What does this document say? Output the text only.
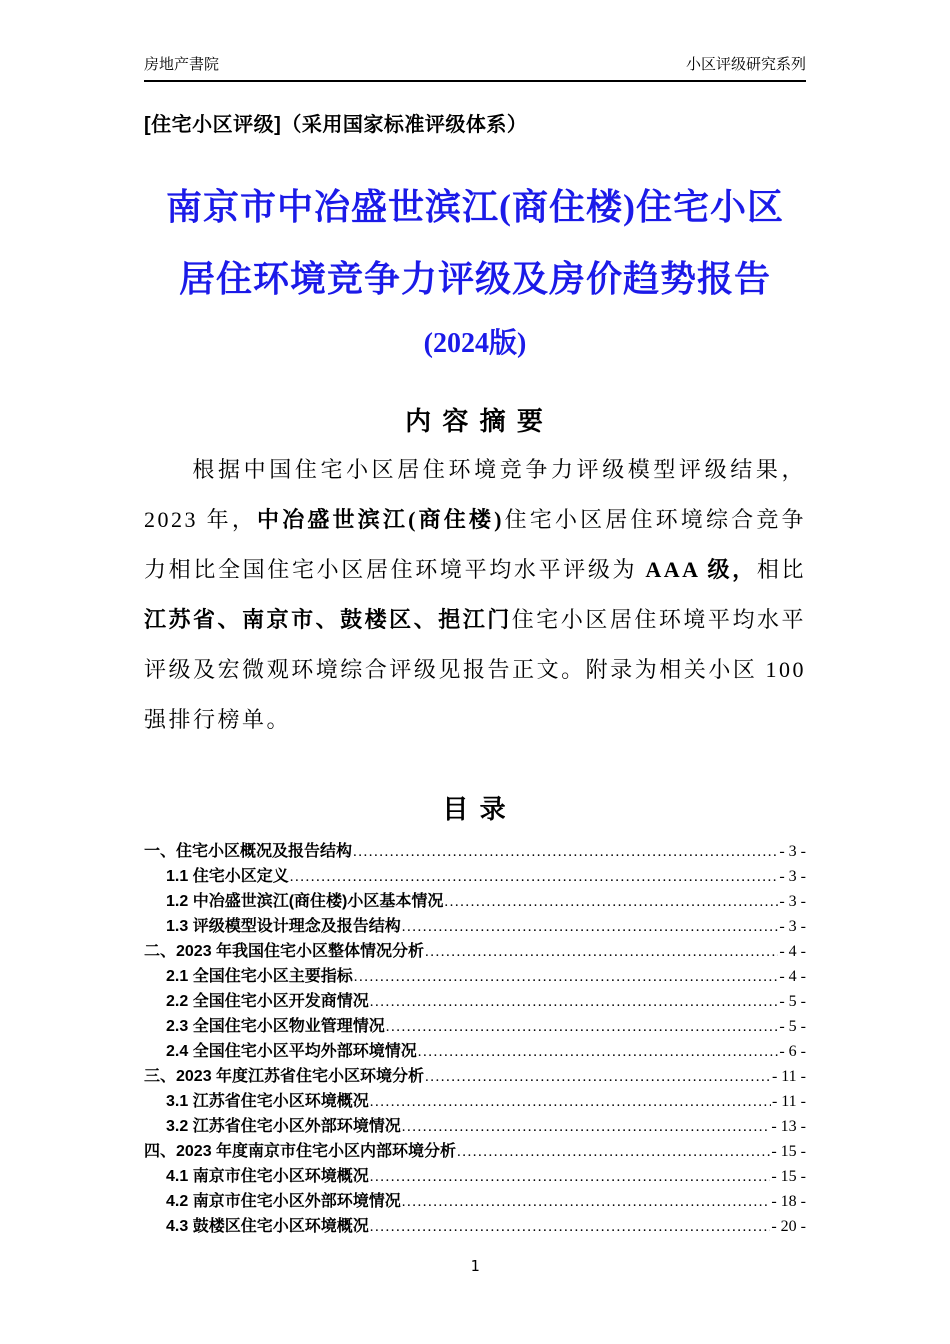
房地产書院	小区评级研究系列
[住宅小区评级]（采用国家标准评级体系）
南京市中冶盛世滨江(商住楼)住宅小区
居住环境竞争力评级及房价趋势报告
(2024版)
内 容 摘 要

根据中国住宅小区居住环境竞争力评级模型评级结果，2023 年，中冶盛世滨江(商住楼)住宅小区居住环境综合竞争力相比全国住宅小区居住环境平均水平评级为 AAA 级，相比江苏省、南京市、鼓楼区、挹江门住宅小区居住环境平均水平评级及宏微观环境综合评级见报告正文。附录为相关小区 100 强排行榜单。

目 录
一、住宅小区概况及报告结构 .....	- 3 -
1.1 住宅小区定义 .....	- 3 -
1.2 中冶盛世滨江(商住楼)小区基本情况 .....	- 3 -
1.3 评级模型设计理念及报告结构 .....	- 3 -
二、2023 年我国住宅小区整体情况分析 .....	- 4 -
2.1 全国住宅小区主要指标 .....	- 4 -
2.2 全国住宅小区开发商情况 .....	- 5 -
2.3 全国住宅小区物业管理情况 .....	- 5 -
2.4 全国住宅小区平均外部环境情况 .....	- 6 -
三、2023 年度江苏省住宅小区环境分析 .....	- 11 -
3.1 江苏省住宅小区环境概况 .....	- 11 -
3.2 江苏省住宅小区外部环境情况 .....	- 13 -
四、2023 年度南京市住宅小区内部环境分析 .....	- 15 -
4.1 南京市住宅小区环境概况 .....	- 15 -
4.2 南京市住宅小区外部环境情况 .....	- 18 -
4.3 鼓楼区住宅小区环境概况 .....	- 20 -
1
